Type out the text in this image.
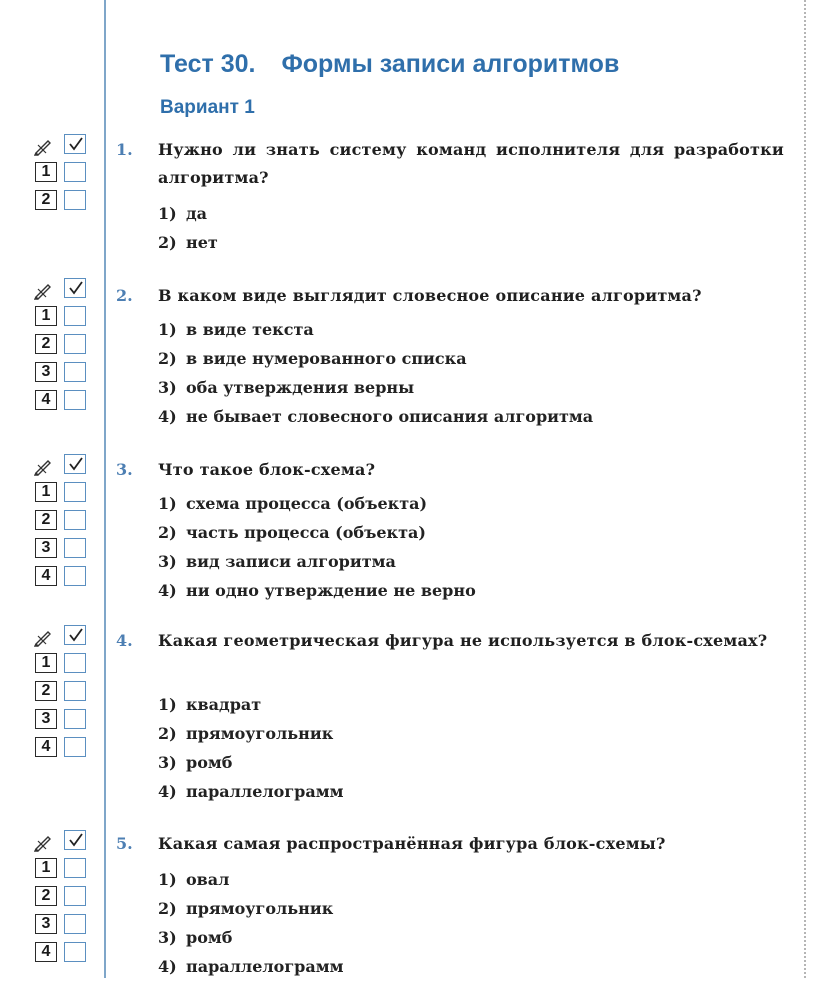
Тест 30. Формы записи алгоритмов
Вариант 1
1
2
1. Нужно ли знать систему команд исполнителя для разработки алгоритма?
1) да
2) нет
1
2
3
4
2. В каком виде выглядит словесное описание алгоритма?
1) в виде текста
2) в виде нумерованного списка
3) оба утверждения верны
4) не бывает словесного описания алгоритма
1
2
3
4
3. Что такое блок-схема?
1) схема процесса (объекта)
2) часть процесса (объекта)
3) вид записи алгоритма
4) ни одно утверждение не верно
1
2
3
4
4. Какая геометрическая фигура не используется в блок-схемах?
1) квадрат
2) прямоугольник
3) ромб
4) параллелограмм
1
2
3
4
5. Какая самая распространённая фигура блок-схемы?
1) овал
2) прямоугольник
3) ромб
4) параллелограмм
